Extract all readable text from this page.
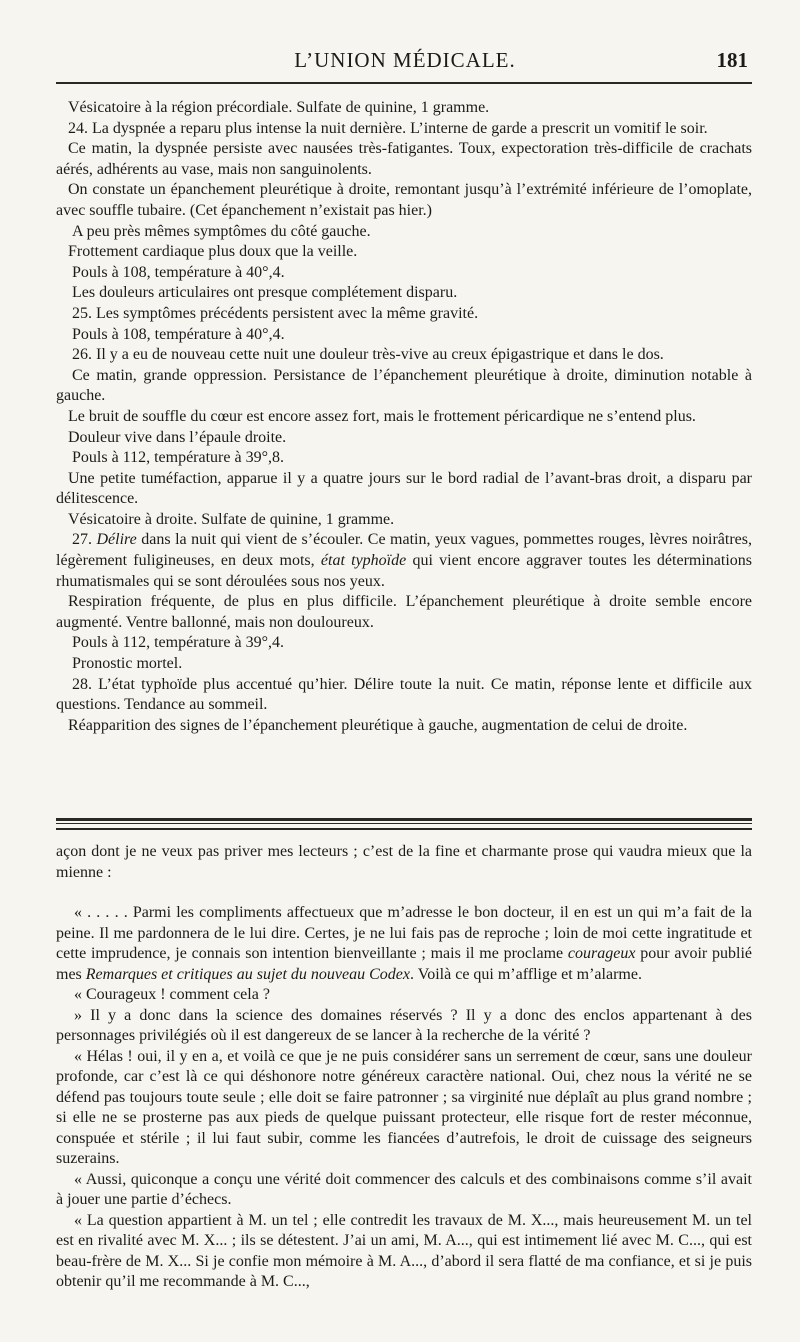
L’UNION MÉDICALE.	181

Vésicatoire à la région précordiale. Sulfate de quinine, 1 gramme.

24. La dyspnée a reparu plus intense la nuit dernière. L’interne de garde a prescrit un vomitif le soir.

Ce matin, la dyspnée persiste avec nausées très-fatigantes. Toux, expectoration très-difficile de crachats aérés, adhérents au vase, mais non sanguinolents.

On constate un épanchement pleurétique à droite, remontant jusqu’à l’extrémité inférieure de l’omoplate, avec souffle tubaire. (Cet épanchement n’existait pas hier.)

A peu près mêmes symptômes du côté gauche.

Frottement cardiaque plus doux que la veille.

Pouls à 108, température à 40°,4.

Les douleurs articulaires ont presque complétement disparu.

25. Les symptômes précédents persistent avec la même gravité.

Pouls à 108, température à 40°,4.

26. Il y a eu de nouveau cette nuit une douleur très-vive au creux épigastrique et dans le dos.

Ce matin, grande oppression. Persistance de l’épanchement pleurétique à droite, diminution notable à gauche.

Le bruit de souffle du cœur est encore assez fort, mais le frottement péricardique ne s’entend plus.

Douleur vive dans l’épaule droite.

Pouls à 112, température à 39°,8.

Une petite tuméfaction, apparue il y a quatre jours sur le bord radial de l’avant-bras droit, a disparu par délitescence.

Vésicatoire à droite. Sulfate de quinine, 1 gramme.

27. Délire dans la nuit qui vient de s’écouler. Ce matin, yeux vagues, pommettes rouges, lèvres noirâtres, légèrement fuligineuses, en deux mots, état typhoïde qui vient encore aggraver toutes les déterminations rhumatismales qui se sont déroulées sous nos yeux.

Respiration fréquente, de plus en plus difficile. L’épanchement pleurétique à droite semble encore augmenté. Ventre ballonné, mais non douloureux.

Pouls à 112, température à 39°,4.

Pronostic mortel.

28. L’état typhoïde plus accentué qu’hier. Délire toute la nuit. Ce matin, réponse lente et difficile aux questions. Tendance au sommeil.

Réapparition des signes de l’épanchement pleurétique à gauche, augmentation de celui de droite.

açon dont je ne veux pas priver mes lecteurs ; c’est de la fine et charmante prose qui vaudra mieux que la mienne :

« . . . . . Parmi les compliments affectueux que m’adresse le bon docteur, il en est un qui m’a fait de la peine. Il me pardonnera de le lui dire. Certes, je ne lui fais pas de reproche ; loin de moi cette ingratitude et cette imprudence, je connais son intention bienveillante ; mais il me proclame courageux pour avoir publié mes Remarques et critiques au sujet du nouveau Codex. Voilà ce qui m’afflige et m’alarme.

« Courageux ! comment cela ?

» Il y a donc dans la science des domaines réservés ? Il y a donc des enclos appartenant à des personnages privilégiés où il est dangereux de se lancer à la recherche de la vérité ?

« Hélas ! oui, il y en a, et voilà ce que je ne puis considérer sans un serrement de cœur, sans une douleur profonde, car c’est là ce qui déshonore notre généreux caractère national. Oui, chez nous la vérité ne se défend pas toujours toute seule ; elle doit se faire patronner ; sa virginité nue déplaît au plus grand nombre ; si elle ne se prosterne pas aux pieds de quelque puissant protecteur, elle risque fort de rester méconnue, conspuée et stérile ; il lui faut subir, comme les fiancées d’autrefois, le droit de cuissage des seigneurs suzerains.

« Aussi, quiconque a conçu une vérité doit commencer des calculs et des combinaisons comme s’il avait à jouer une partie d’échecs.

« La question appartient à M. un tel ; elle contredit les travaux de M. X..., mais heureusement M. un tel est en rivalité avec M. X... ; ils se détestent. J’ai un ami, M. A..., qui est intimement lié avec M. C..., qui est beau-frère de M. X... Si je confie mon mémoire à M. A..., d’abord il sera flatté de ma confiance, et si je puis obtenir qu’il me recommande à M. C...,
